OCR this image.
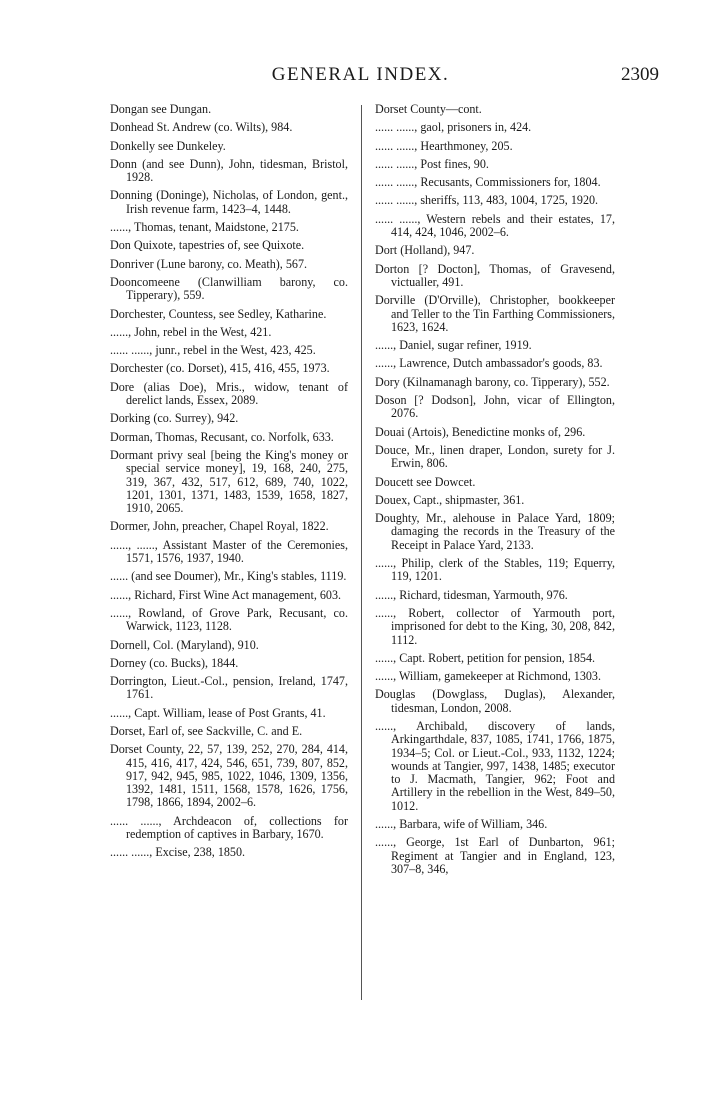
GENERAL INDEX.	2309

Dongan see Dungan.

Donhead St. Andrew (co. Wilts), 984.

Donkelly see Dunkeley.

Donn (and see Dunn), John, tidesman, Bristol, 1928.

Donning (Doninge), Nicholas, of London, gent., Irish revenue farm, 1423–4, 1448.

......, Thomas, tenant, Maidstone, 2175.

Don Quixote, tapestries of, see Quixote.

Donriver (Lune barony, co. Meath), 567.

Dooncomeene (Clanwilliam barony, co. Tipperary), 559.

Dorchester, Countess, see Sedley, Katharine.

......, John, rebel in the West, 421.

...... ......, junr., rebel in the West, 423, 425.

Dorchester (co. Dorset), 415, 416, 455, 1973.

Dore (alias Doe), Mris., widow, tenant of derelict lands, Essex, 2089.

Dorking (co. Surrey), 942.

Dorman, Thomas, Recusant, co. Norfolk, 633.

Dormant privy seal [being the King's money or special service money], 19, 168, 240, 275, 319, 367, 432, 517, 612, 689, 740, 1022, 1201, 1301, 1371, 1483, 1539, 1658, 1827, 1910, 2065.

Dormer, John, preacher, Chapel Royal, 1822.

......, ......, Assistant Master of the Ceremonies, 1571, 1576, 1937, 1940.

...... (and see Doumer), Mr., King's stables, 1119.

......, Richard, First Wine Act management, 603.

......, Rowland, of Grove Park, Recusant, co. Warwick, 1123, 1128.

Dornell, Col. (Maryland), 910.

Dorney (co. Bucks), 1844.

Dorrington, Lieut.-Col., pension, Ireland, 1747, 1761.

......, Capt. William, lease of Post Grants, 41.

Dorset, Earl of, see Sackville, C. and E.

Dorset County, 22, 57, 139, 252, 270, 284, 414, 415, 416, 417, 424, 546, 651, 739, 807, 852, 917, 942, 945, 985, 1022, 1046, 1309, 1356, 1392, 1481, 1511, 1568, 1578, 1626, 1756, 1798, 1866, 1894, 2002–6.

...... ......, Archdeacon of, collections for redemption of captives in Barbary, 1670.

...... ......, Excise, 238, 1850.

Dorset County—cont.

...... ......, gaol, prisoners in, 424.

...... ......, Hearthmoney, 205.

...... ......, Post fines, 90.

...... ......, Recusants, Commissioners for, 1804.

...... ......, sheriffs, 113, 483, 1004, 1725, 1920.

...... ......, Western rebels and their estates, 17, 414, 424, 1046, 2002–6.

Dort (Holland), 947.

Dorton [? Docton], Thomas, of Gravesend, victualler, 491.

Dorville (D'Orville), Christopher, bookkeeper and Teller to the Tin Farthing Commissioners, 1623, 1624.

......, Daniel, sugar refiner, 1919.

......, Lawrence, Dutch ambassador's goods, 83.

Dory (Kilnamanagh barony, co. Tipperary), 552.

Doson [? Dodson], John, vicar of Ellington, 2076.

Douai (Artois), Benedictine monks of, 296.

Douce, Mr., linen draper, London, surety for J. Erwin, 806.

Doucett see Dowcet.

Douex, Capt., shipmaster, 361.

Doughty, Mr., alehouse in Palace Yard, 1809; damaging the records in the Treasury of the Receipt in Palace Yard, 2133.

......, Philip, clerk of the Stables, 119; Equerry, 119, 1201.

......, Richard, tidesman, Yarmouth, 976.

......, Robert, collector of Yarmouth port, imprisoned for debt to the King, 30, 208, 842, 1112.

......, Capt. Robert, petition for pension, 1854.

......, William, gamekeeper at Richmond, 1303.

Douglas (Dowglass, Duglas), Alexander, tidesman, London, 2008.

......, Archibald, discovery of lands, Arkingarthdale, 837, 1085, 1741, 1766, 1875, 1934–5; Col. or Lieut.-Col., 933, 1132, 1224; wounds at Tangier, 997, 1438, 1485; executor to J. Macmath, Tangier, 962; Foot and Artillery in the rebellion in the West, 849–50, 1012.

......, Barbara, wife of William, 346.

......, George, 1st Earl of Dunbarton, 961; Regiment at Tangier and in England, 123, 307–8, 346,
